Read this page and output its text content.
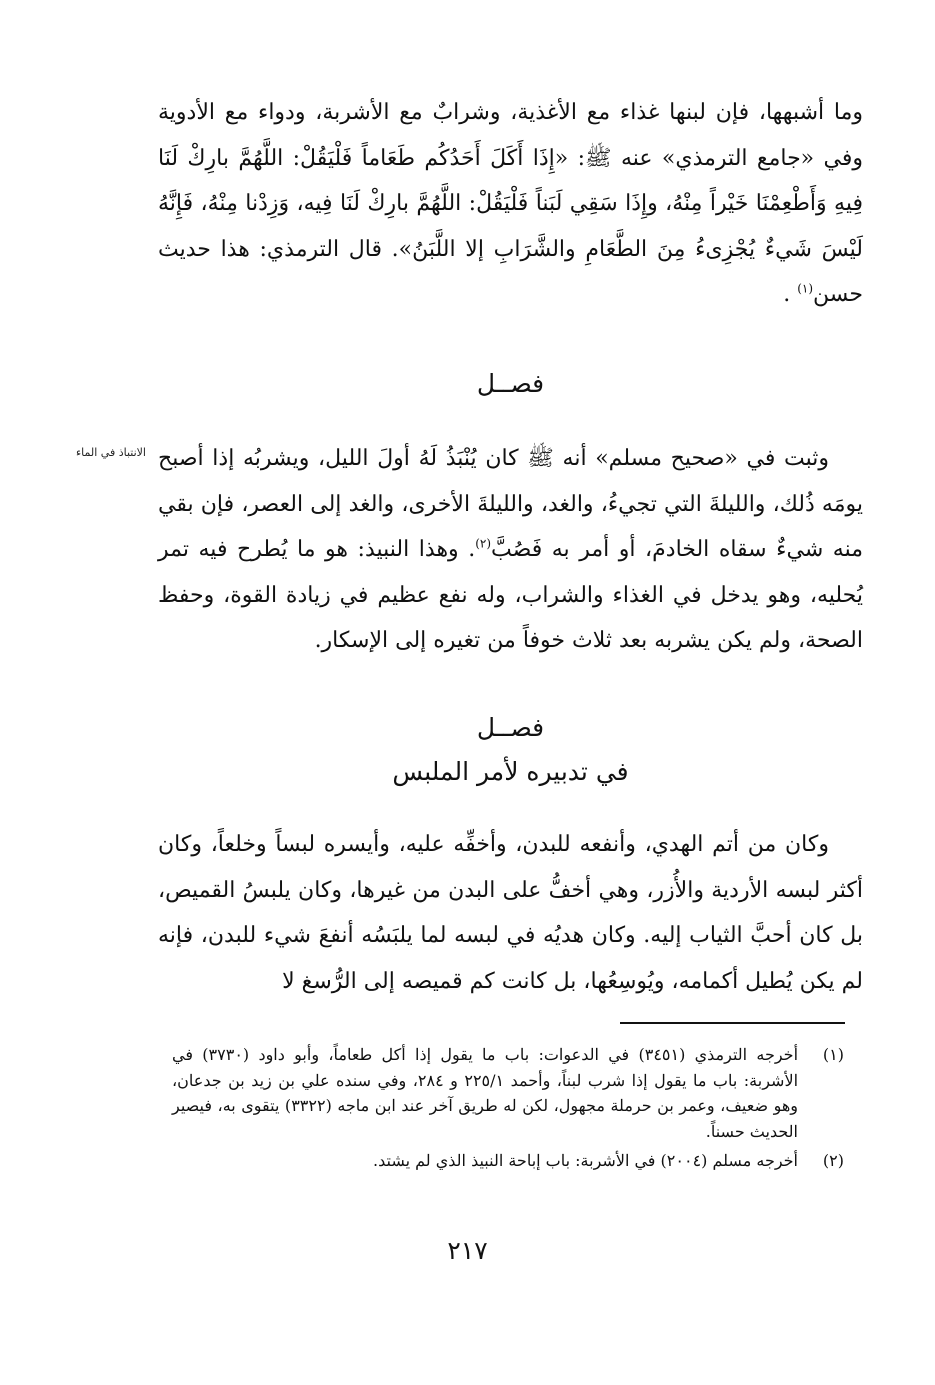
وما أشبهها، فإن لبنها غذاء مع الأغذية، وشرابٌ مع الأشربة، ودواء مع الأدوية وفي «جامع الترمذي» عنه ﷺ: «إِذَا أَكَلَ أَحَدُكُم طَعَاماً فَلْيَقُلْ: اللَّهُمَّ بارِكْ لَنَا فِيهِ وَأَطْعِمْنَا خَيْراً مِنْهُ، وإِذَا سَقِي لَبَناً فَلْيَقُلْ: اللَّهُمَّ بارِكْ لَنَا فِيه، وَزِدْنا مِنْهُ، فَإِنَّهُ لَيْسَ شَيءٌ يُجْزِىءُ مِنَ الطَّعَامِ والشَّرَابِ إلا اللَّبَنُ». قال الترمذي: هذا حديث حسن$^{(١)}$ .

فصــل
الانتباذ في الماء وثبت في «صحيح مسلم» أنه ﷺ كان يُنْبَذُ لَهُ أولَ الليل، ويشربُه إذا أصبح يومَه ذُلك، والليلةَ التي تجيءُ، والغد، والليلةَ الأخرى، والغد إلى العصر، فإن بقي منه شيءٌ سقاه الخادمَ، أو أمر به فَصُبَّ$^{(٢)}$. وهذا النبيذ: هو ما يُطرح فيه تمر يُحليه، وهو يدخل في الغذاء والشراب، وله نفع عظيم في زيادة القوة، وحفظ الصحة، ولم يكن يشربه بعد ثلاث خوفاً من تغيره إلى الإسكار.

فصــل
في تدبيره لأمر الملبس

وكان من أتم الهدي، وأنفعه للبدن، وأخفِّه عليه، وأيسره لبساً وخلعاً، وكان أكثر لبسه الأردية والأُزر، وهي أخفُّ على البدن من غيرها، وكان يلبسُ القميص، بل كان أحبَّ الثياب إليه. وكان هديُه في لبسه لما يلبَسُه أنفعَ شيء للبدن، فإنه لم يكن يُطيل أكمامه، ويُوسِعُها، بل كانت كم قميصه إلى الرُّسغ لا

(١)
أخرجه الترمذي (٣٤٥١) في الدعوات: باب ما يقول إذا أكل طعاماً، وأبو داود (٣٧٣٠) في الأشربة: باب ما يقول إذا شرب لبناً، وأحمد ٢٢٥/١ و ٢٨٤، وفي سنده علي بن زيد بن جدعان، وهو ضعيف، وعمر بن حرملة مجهول، لكن له طريق آخر عند ابن ماجه (٣٣٢٢) يتقوى به، فيصير الحديث حسناً.
(٢)
أخرجه مسلم (٢٠٠٤) في الأشربة: باب إباحة النبيذ الذي لم يشتد.
٢١٧
